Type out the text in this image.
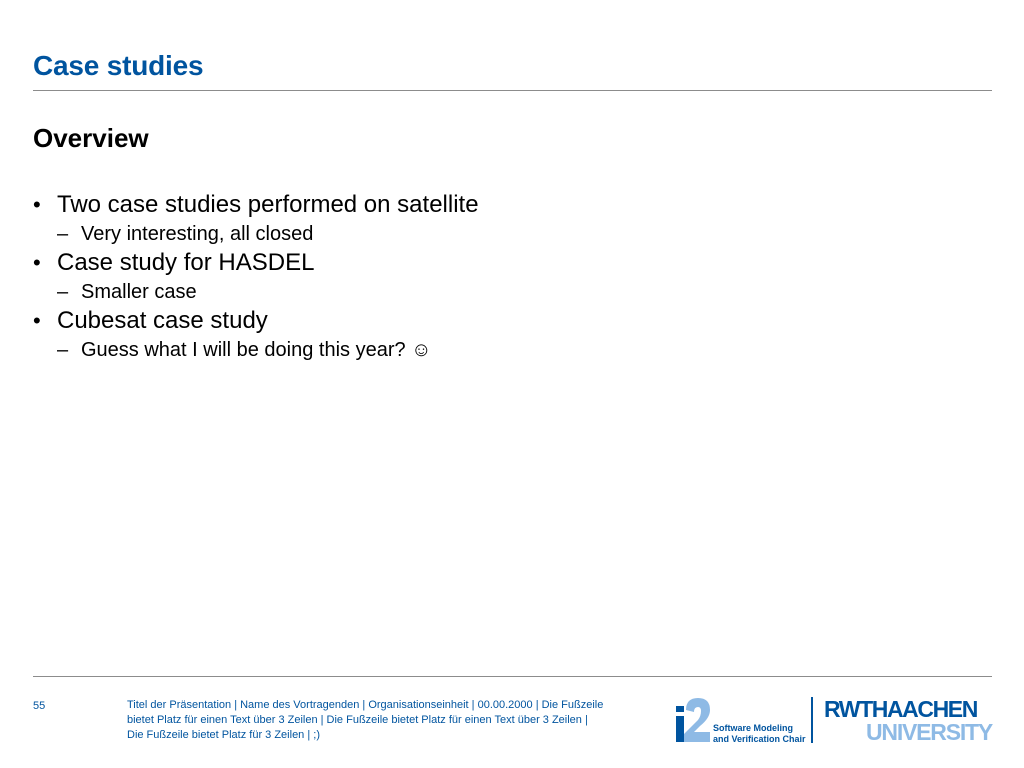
Case studies
Overview
• Two case studies performed on satellite
– Very interesting, all closed
• Case study for HASDEL
– Smaller case
• Cubesat case study
– Guess what I will be doing this year? ☺
55	Titel der Präsentation | Name des Vortragenden | Organisationseinheit | 00.00.2000 | Die Fußzeile bietet Platz für einen Text über 3 Zeilen | Die Fußzeile bietet Platz für einen Text über 3 Zeilen | Die Fußzeile bietet Platz für 3 Zeilen | ;)
Software Modeling
and Verification Chair
RWTHAACHEN
UNIVERSITY
